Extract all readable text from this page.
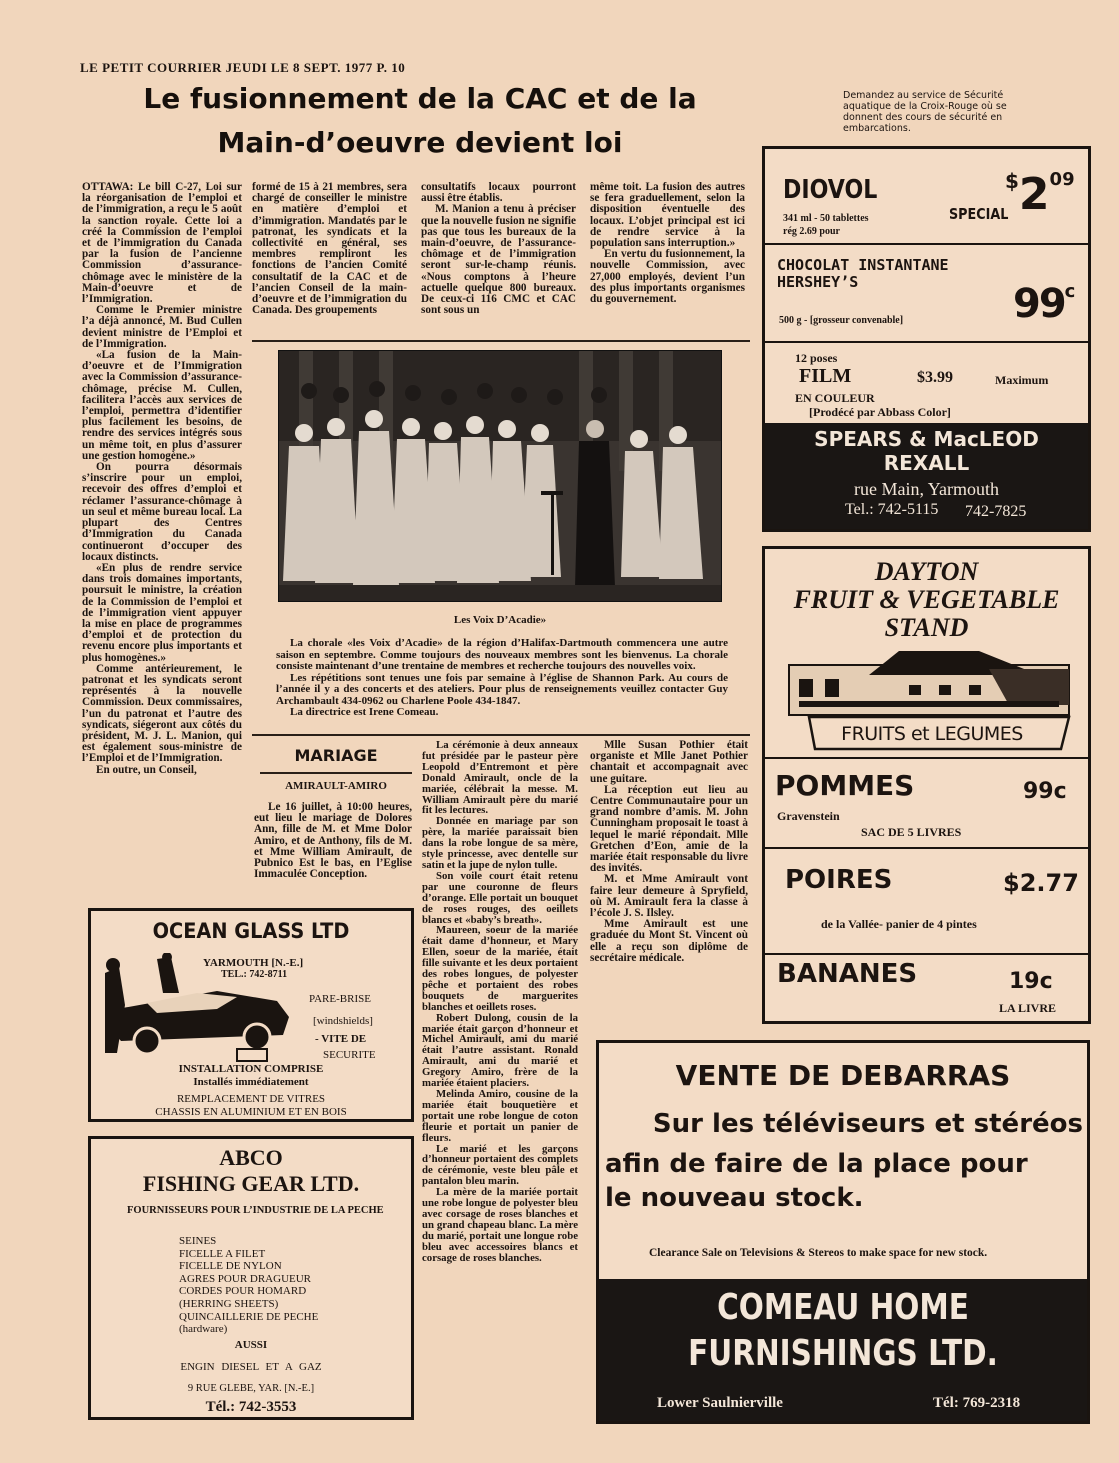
LE PETIT COURRIER JEUDI LE 8 SEPT. 1977 P. 10
Le fusionnement de la CAC et de la
Main-d’oeuvre devient loi

OTTAWA: Le bill C-27, Loi sur la réorganisation de l’emploi et de l’immigration, a reçu le 5 août la sanction royale. Cette loi a créé la Commission de l’emploi et de l’immigration du Canada par la fusion de l’ancienne Commission d’assurance-chômage avec le ministère de la Main-d’oeuvre et de l’Immigration.

Comme le Premier ministre l’a déjà annoncé, M. Bud Cullen devient ministre de l’Emploi et de l’Immigration.

«La fusion de la Main-d’oeuvre et de l’Immigration avec la Commission d’assurance-chômage, précise M. Cullen, facilitera l’accès aux services de l’emploi, permettra d’identifier plus facilement les besoins, de rendre des services intégrés sous un même toit, en plus d’assurer une gestion homogène.»

On pourra désormais s’inscrire pour un emploi, recevoir des offres d’emploi et réclamer l’assurance-chômage à un seul et même bureau local. La plupart des Centres d’Immigration du Canada continueront d’occuper des locaux distincts.

«En plus de rendre service dans trois domaines importants, poursuit le ministre, la création de la Commission de l’emploi et de l’immigration vient appuyer la mise en place de programmes d’emploi et de protection du revenu encore plus importants et plus homogènes.»

Comme antérieurement, le patronat et les syndicats seront représentés à la nouvelle Commission. Deux commissaires, l’un du patronat et l’autre des syndicats, siégeront aux côtés du président, M. J. L. Manion, qui est également sous-ministre de l’Emploi et de l’Immigration.

En outre, un Conseil,

formé de 15 à 21 membres, sera chargé de conseiller le ministre en matière d’emploi et d’immigration. Mandatés par le patronat, les syndicats et la collectivité en général, ses membres rempliront les fonctions de l’ancien Comité consultatif de la CAC et de l’ancien Conseil de la main-d’oeuvre et de l’immigration du Canada. Des groupements

consultatifs locaux pourront aussi être établis.

M. Manion a tenu à préciser que la nouvelle fusion ne signifie pas que tous les bureaux de la main-d’oeuvre, de l’assurance-chômage et de l’immigration seront sur-le-champ réunis. «Nous comptons à l’heure actuelle quelque 800 bureaux. De ceux-ci 116 CMC et CAC sont sous un

même toit. La fusion des autres se fera graduellement, selon la disposition éventuelle des locaux. L’objet principal est ici de rendre service à la population sans interruption.»

En vertu du fusionnement, la nouvelle Commission, avec 27,000 employés, devient l’un des plus importants organismes du gouvernement.

Les Voix D’Acadie»

La chorale «les Voix d’Acadie» de la région d’Halifax-Dartmouth commencera une autre saison en septembre. Comme toujours des nouveaux membres sont les bienvenus. La chorale consiste maintenant d’une trentaine de membres et recherche toujours des nouvelles voix.

Les répétitions sont tenues une fois par semaine à l’église de Shannon Park. Au cours de l’année il y a des concerts et des ateliers. Pour plus de renseignements veuillez contacter Guy Archambault 434-0962 ou Charlene Poole 434-1847.

La directrice est Irene Comeau.

MARIAGE
AMIRAULT-AMIRO

Le 16 juillet, à 10:00 heures, eut lieu le mariage de Dolores Ann, fille de M. et Mme Dolor Amiro, et de Anthony, fils de M. et Mme William Amirault, de Pubnico Est le bas, en l’Eglise Immaculée Conception.

La cérémonie à deux anneaux fut présidée par le pasteur père Leopold d’Entremont et père Donald Amirault, oncle de la mariée, célébrait la messe. M. William Amirault père du marié fit les lectures.

Donnée en mariage par son père, la mariée paraissait bien dans la robe longue de sa mère, style princesse, avec dentelle sur satin et la jupe de nylon tulle.

Son voile court était retenu par une couronne de fleurs d’orange. Elle portait un bouquet de roses rouges, des oeillets blancs et «baby’s breath».

Maureen, soeur de la mariée était dame d’honneur, et Mary Ellen, soeur de la mariée, était fille suivante et les deux portaient des robes longues, de polyester pêche et portaient des robes bouquets de marguerites blanches et oeillets roses.

Robert Dulong, cousin de la mariée était garçon d’honneur et Michel Amirault, ami du marié était l’autre assistant. Ronald Amirault, ami du marié et Gregory Amiro, frère de la mariée étaient placiers.

Melinda Amiro, cousine de la mariée était bouquetière et portait une robe longue de coton fleurie et portait un panier de fleurs.

Le marié et les garçons d’honneur portaient des complets de cérémonie, veste bleu pâle et pantalon bleu marin.

La mère de la mariée portait une robe longue de polyester bleu avec corsage de roses blanches et un grand chapeau blanc. La mère du marié, portait une longue robe bleu avec accessoires blancs et corsage de roses blanches.

Mlle Susan Pothier était organiste et Mlle Janet Pothier chantait et accompagnait avec une guitare.

La réception eut lieu au Centre Communautaire pour un grand nombre d’amis. M. John Cunningham proposait le toast à lequel le marié répondait. Mlle Gretchen d’Eon, amie de la mariée était responsable du livre des invités.

M. et Mme Amirault vont faire leur demeure à Spryfield, où M. Amirault fera la classe à l’école J. S. Ilsley.

Mme Amirault est une graduée du Mont St. Vincent où elle a reçu son diplôme de secrétaire médicale.

Demandez au service de Sécurité aquatique de la Croix-Rouge où se donnent des cours de sécurité en embarcations.
DIOVOL
341 ml - 50 tablettes
rég 2.69 pour
SPECIAL
$209
CHOCOLAT INSTANTANE HERSHEY’S
500 g - [grosseur convenable]	99c
12 poses
FILM	$3.99	Maximum
EN COULEUR
[Prodécé par Abbass Color]
SPEARS & MacLEOD
REXALL
rue Main, Yarmouth
Tel.: 742-5115 742-7825
DAYTON
FRUIT & VEGETABLE
STAND
FRUITS et LEGUMES
POMMES	99c
Gravenstein
SAC DE 5 LIVRES
POIRES	$2.77
de la Vallée- panier de 4 pintes
BANANES	19c
LA LIVRE
OCEAN GLASS LTD
YARMOUTH [N.-E.]
TEL.: 742-8711
PARE-BRISE
[windshields]
- VITE DE
SECURITE
INSTALLATION COMPRISE
Installés immédiatement
REMPLACEMENT DE VITRES
CHASSIS EN ALUMINIUM ET EN BOIS
ABCO
FISHING GEAR LTD.
FOURNISSEURS POUR L’INDUSTRIE DE LA PECHE
SEINES
FICELLE A FILET
FICELLE DE NYLON
AGRES POUR DRAGUEUR
CORDES POUR HOMARD
(HERRING SHEETS)
QUINCAILLERIE DE PECHE
(hardware)
AUSSI
ENGIN DIESEL ET A GAZ
9 RUE GLEBE, YAR. [N.-E.]
Tél.: 742-3553
VENTE DE DEBARRAS
Sur les téléviseurs et stéréos
afin de faire de la place pour
le nouveau stock.
Clearance Sale on Televisions & Stereos to make space for new stock.
COMEAU HOME
FURNISHINGS LTD.
Lower Saulnierville	Tél: 769-2318
